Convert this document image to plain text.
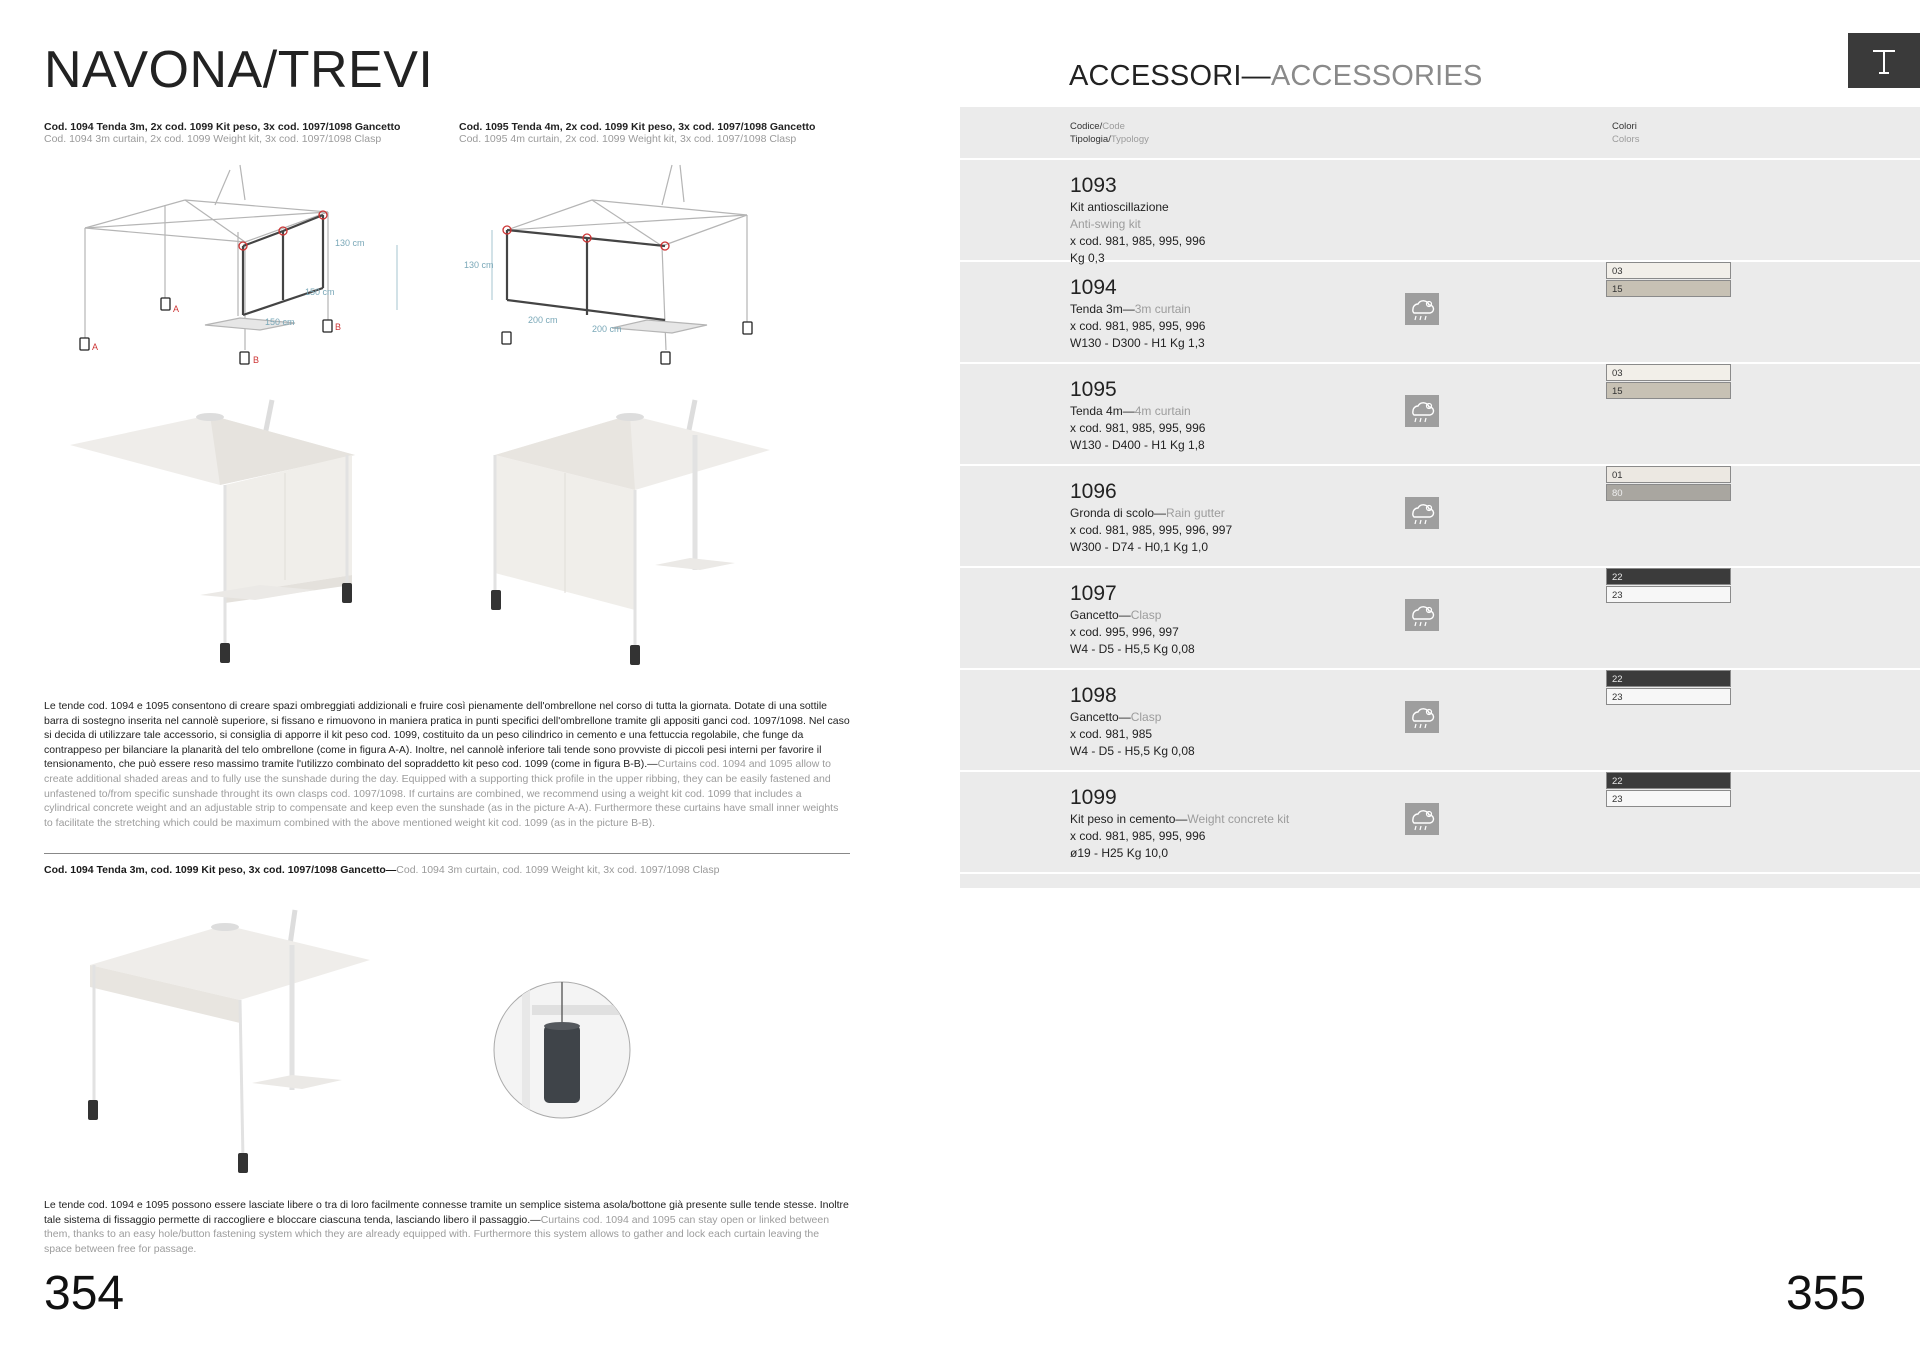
NAVONA/TREVI
Cod. 1094 Tenda 3m, 2x cod. 1099 Kit peso, 3x cod. 1097/1098 Gancetto
Cod. 1094 3m curtain, 2x cod. 1099 Weight kit, 3x cod. 1097/1098 Clasp
Cod. 1095 Tenda 4m, 2x cod. 1099 Kit peso, 3x cod. 1097/1098 Gancetto
Cod. 1095 4m curtain, 2x cod. 1099 Weight kit, 3x cod. 1097/1098 Clasp
130 cm
150 cm
150 cm
A
A
B
B
130 cm
200 cm
200 cm
Le tende cod. 1094 e 1095 consentono di creare spazi ombreggiati addizionali e fruire così pienamente dell'ombrellone nel corso di tutta la giornata. Dotate di una sottile barra di sostegno inserita nel cannolè superiore, si fissano e rimuovono in maniera pratica in punti specifici dell'ombrellone tramite gli appositi ganci cod. 1097/1098. Nel caso si decida di utilizzare tale accessorio, si consiglia di apporre il kit peso cod. 1099, costituito da un peso cilindrico in cemento e una fettuccia regolabile, che funge da contrappeso per bilanciare la planarità del telo ombrellone (come in figura A-A). Inoltre, nel cannolè inferiore tali tende sono provviste di piccoli pesi interni per favorire il tensionamento, che può essere reso massimo tramite l'utilizzo combinato del sopraddetto kit peso cod. 1099 (come in figura B-B).—Curtains cod. 1094 and 1095 allow to create additional shaded areas and to fully use the sunshade during the day. Equipped with a supporting thick profile in the upper ribbing, they can be easily fastened and unfastened to/from specific sunshade throught its own clasps cod. 1097/1098. If curtains are combined, we recommend using a weight kit cod. 1099 that includes a cylindrical concrete weight and an adjustable strip to compensate and keep even the sunshade (as in the picture A-A). Furthermore these curtains have small inner weights to facilitate the stretching which could be maximum combined with the above mentioned weight kit cod. 1099 (as in the picture B-B).
Cod. 1094 Tenda 3m, cod. 1099 Kit peso, 3x cod. 1097/1098 Gancetto—Cod. 1094 3m curtain, cod. 1099 Weight kit, 3x cod. 1097/1098 Clasp
Le tende cod. 1094 e 1095 possono essere lasciate libere o tra di loro facilmente connesse tramite un semplice sistema asola/bottone già presente sulle tende stesse. Inoltre tale sistema di fissaggio permette di raccogliere e bloccare ciascuna tenda, lasciando libero il passaggio.—Curtains cod. 1094 and 1095 can stay open or linked between them, thanks to an easy hole/button fastening system which they are already equipped with. Furthermore this system allows to gather and lock each curtain leaving the space between free for passage.
354
ACCESSORI—ACCESSORIES
Codice/Code
Tipologia/Typology
Colori
Colors
1093
Kit antioscillazione
Anti-swing kit
x cod. 981, 985, 995, 996
Kg 0,3
1094
Tenda 3m—3m curtain
x cod. 981, 985, 995, 996
W130 - D300 - H1 Kg 1,3
03
15
1095
Tenda 4m—4m curtain
x cod. 981, 985, 995, 996
W130 - D400 - H1 Kg 1,8
03
15
1096
Gronda di scolo—Rain gutter
x cod. 981, 985, 995, 996, 997
W300 - D74 - H0,1 Kg 1,0
01
80
1097
Gancetto—Clasp
x cod. 995, 996, 997
W4 - D5 - H5,5 Kg 0,08
22
23
1098
Gancetto—Clasp
x cod. 981, 985
W4 - D5 - H5,5 Kg 0,08
22
23
1099
Kit peso in cemento—Weight concrete kit
x cod. 981, 985, 995, 996
ø19 - H25 Kg 10,0
22
23
355
